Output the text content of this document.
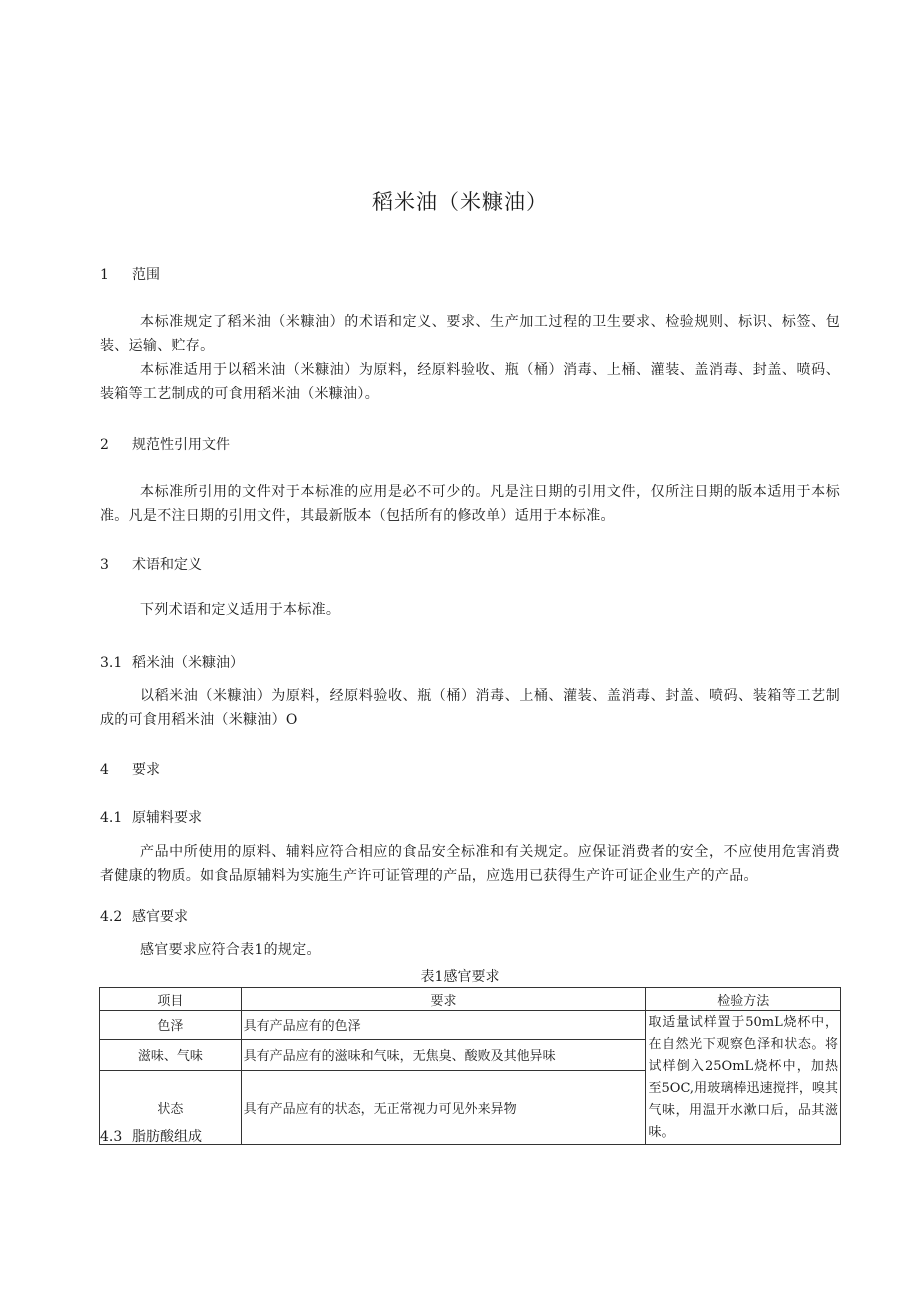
稻米油（米糠油）
1 范围
本标准规定了稻米油（米糠油）的术语和定义、要求、生产加工过程的卫生要求、检验规则、标识、标签、包装、运输、贮存。
本标准适用于以稻米油（米糠油）为原料，经原料验收、瓶（桶）消毒、上桶、灌装、盖消毒、封盖、喷码、装箱等工艺制成的可食用稻米油（米糠油）。
2 规范性引用文件
本标准所引用的文件对于本标准的应用是必不可少的。凡是注日期的引用文件，仅所注日期的版本适用于本标准。凡是不注日期的引用文件，其最新版本（包括所有的修改单）适用于本标准。
3 术语和定义
下列术语和定义适用于本标准。
3.1 稻米油（米糠油）
以稻米油（米糠油）为原料，经原料验收、瓶（桶）消毒、上桶、灌装、盖消毒、封盖、喷码、装箱等工艺制成的可食用稻米油（米糠油）O
4 要求
4.1 原辅料要求
产品中所使用的原料、辅料应符合相应的食品安全标准和有关规定。应保证消费者的安全，不应使用危害消费者健康的物质。如食品原辅料为实施生产许可证管理的产品，应选用已获得生产许可证企业生产的产品。
4.2 感官要求
感官要求应符合表1的规定。
表1感官要求
项目	要求	检验方法
色泽	具有产品应有的色泽	取适量试样置于50mL烧杯中，在自然光下观察色泽和状态。将试样倒入25OmL烧杯中，加热至5OC,用玻璃棒迅速搅拌，嗅其气味，用温开水漱口后，品其滋味。
滋味、气味	具有产品应有的滋味和气味，无焦臭、酸败及其他异味	
状态	具有产品应有的状态，无正常视力可见外来异物	
4.3 脂肪酸组成
